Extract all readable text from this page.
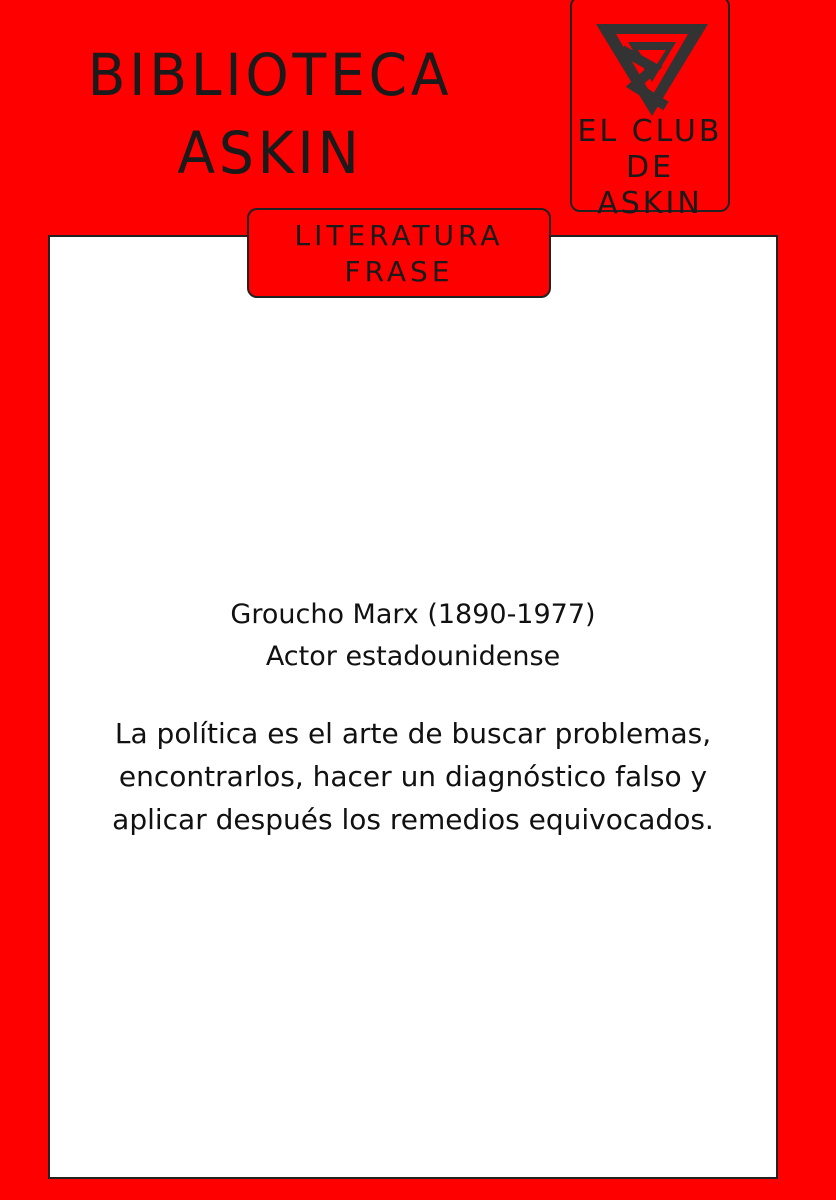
BIBLIOTECA
ASKIN	EL CLUB
DE ASKIN
LITERATURA
FRASE
Groucho Marx (1890-1977)
Actor estadounidense
La política es el arte de buscar problemas,
encontrarlos, hacer un diagnóstico falso y
aplicar después los remedios equivocados.
